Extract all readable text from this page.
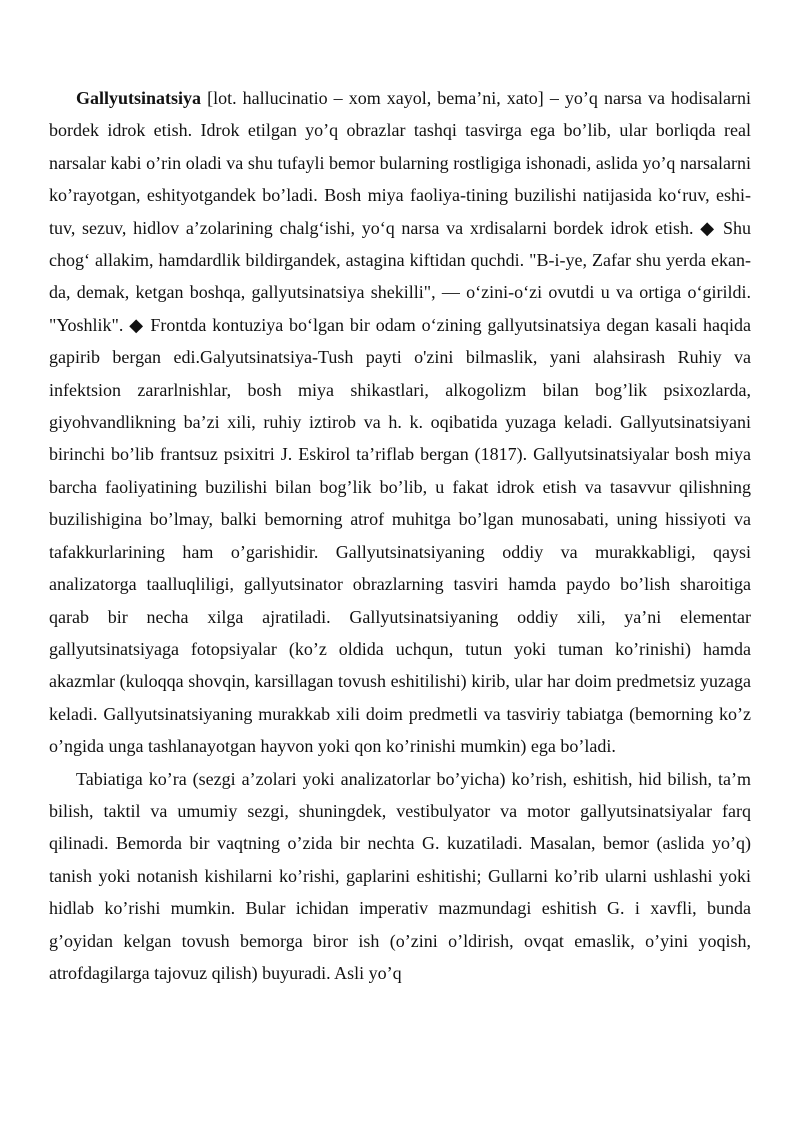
Gallyutsinatsiya [lot. hallucinatio – xom xayol, bema’ni, xato] – yo’q narsa va hodisalarni bordek idrok etish. Idrok etilgan yo’q obrazlar tashqi tasvirga ega bo’lib, ular borliqda real narsalar kabi o’rin oladi va shu tufayli bemor bularning rostligiga ishonadi, aslida yo’q narsalarni ko’rayotgan, eshityotgandek bo’ladi. Bosh miya faoliya-tining buzilishi natijasida ko‘ruv, eshi-tuv, sezuv, hidlov a’zolarining chalg‘ishi, yo‘q narsa va xrdisalarni bordek idrok etish. ◆ Shu chog‘ allakim, hamdardlik bildirgandek, astagina kiftidan quchdi. "B-i-ye, Zafar shu yerda ekan-da, demak, ketgan boshqa, gallyutsinatsiya shekilli", — o‘zini-o‘zi ovutdi u va ortiga o‘girildi. "Yoshlik". ◆ Frontda kontuziya bo‘lgan bir odam o‘zining gallyutsinatsiya degan kasali haqida gapirib bergan edi.Galyutsinatsiya-Tush payti o'zini bilmaslik, yani alahsirash Ruhiy va infektsion zararlnishlar, bosh miya shikastlari, alkogolizm bilan bog’lik psixozlarda, giyohvandlikning ba’zi xili, ruhiy iztirob va h. k. oqibatida yuzaga keladi. Gallyutsinatsiyani birinchi bo’lib frantsuz psixitri J. Eskirol ta’riflab bergan (1817). Gallyutsinatsiyalar bosh miya barcha faoliyatining buzilishi bilan bog’lik bo’lib, u fakat idrok etish va tasavvur qilishning buzilishigina bo’lmay, balki bemorning atrof muhitga bo’lgan munosabati, uning hissiyoti va tafakkurlarining ham o’garishidir. Gallyutsinatsiyaning oddiy va murakkabligi, qaysi analizatorga taalluqliligi, gallyutsinator obrazlarning tasviri hamda paydo bo’lish sharoitiga qarab bir necha xilga ajratiladi. Gallyutsinatsiyaning oddiy xili, ya’ni elementar gallyutsinatsiyaga fotopsiyalar (ko’z oldida uchqun, tutun yoki tuman ko’rinishi) hamda akazmlar (kuloqqa shovqin, karsillagan tovush eshitilishi) kirib, ular har doim predmetsiz yuzaga keladi. Gallyutsinatsiyaning murakkab xili doim predmetli va tasviriy tabiatga (bemorning ko’z o’ngida unga tashlanayotgan hayvon yoki qon ko’rinishi mumkin) ega bo’ladi.

Tabiatiga ko’ra (sezgi a’zolari yoki analizatorlar bo’yicha) ko’rish, eshitish, hid bilish, ta’m bilish, taktil va umumiy sezgi, shuningdek, vestibulyator va motor gallyutsinatsiyalar farq qilinadi. Bemorda bir vaqtning o’zida bir nechta G. kuzatiladi. Masalan, bemor (aslida yo’q) tanish yoki notanish kishilarni ko’rishi, gaplarini eshitishi; Gullarni ko’rib ularni ushlashi yoki hidlab ko’rishi mumkin. Bular ichidan imperativ mazmundagi eshitish G. i xavfli, bunda g’oyidan kelgan tovush bemorga biror ish (o’zini o’ldirish, ovqat emaslik, o’yini yoqish, atrofdagilarga tajovuz qilish) buyuradi. Asli yo’q
